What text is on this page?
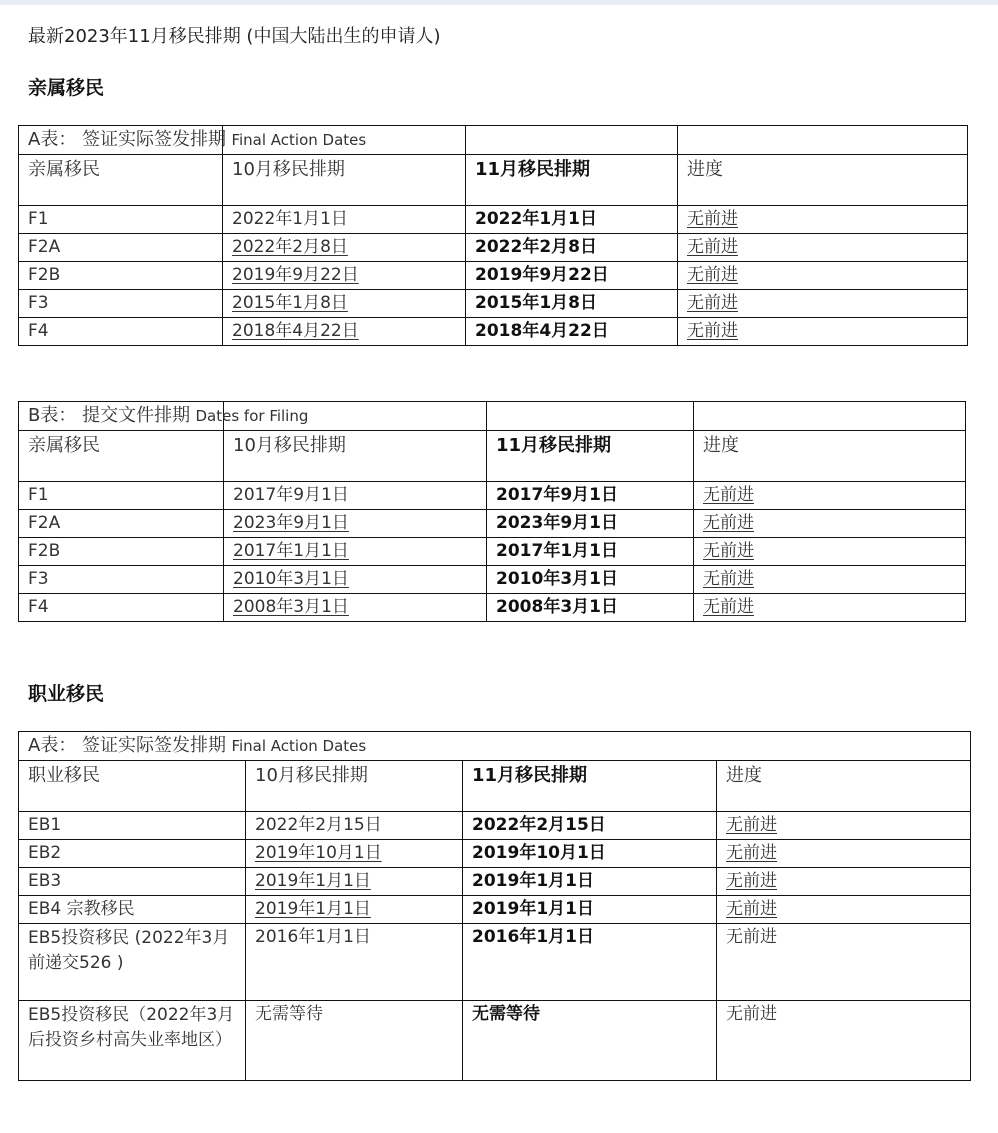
最新2023年11月移民排期 (中国大陆出生的申请人)

亲属移民
A表： 签证实际签发排期 Final Action Dates			
亲属移民	10月移民排期	11月移民排期	进度
F1	2022年1月1日	2022年1月1日	无前进
F2A	2022年2月8日	2022年2月8日	无前进
F2B	2019年9月22日	2019年9月22日	无前进
F3	2015年1月8日	2015年1月8日	无前进
F4	2018年4月22日	2018年4月22日	无前进
B表： 提交文件排期 Dates for Filing			
亲属移民	10月移民排期	11月移民排期	进度
F1	2017年9月1日	2017年9月1日	无前进
F2A	2023年9月1日	2023年9月1日	无前进
F2B	2017年1月1日	2017年1月1日	无前进
F3	2010年3月1日	2010年3月1日	无前进
F4	2008年3月1日	2008年3月1日	无前进
职业移民
A表： 签证实际签发排期 Final Action Dates			
职业移民	10月移民排期	11月移民排期	进度
EB1	2022年2月15日	2022年2月15日	无前进
EB2	2019年10月1日	2019年10月1日	无前进
EB3	2019年1月1日	2019年1月1日	无前进
EB4 宗教移民	2019年1月1日	2019年1月1日	无前进
EB5投资移民 (2022年3月前递交526 )	2016年1月1日	2016年1月1日	无前进
EB5投资移民（2022年3月后投资乡村高失业率地区）	无需等待	无需等待	无前进
